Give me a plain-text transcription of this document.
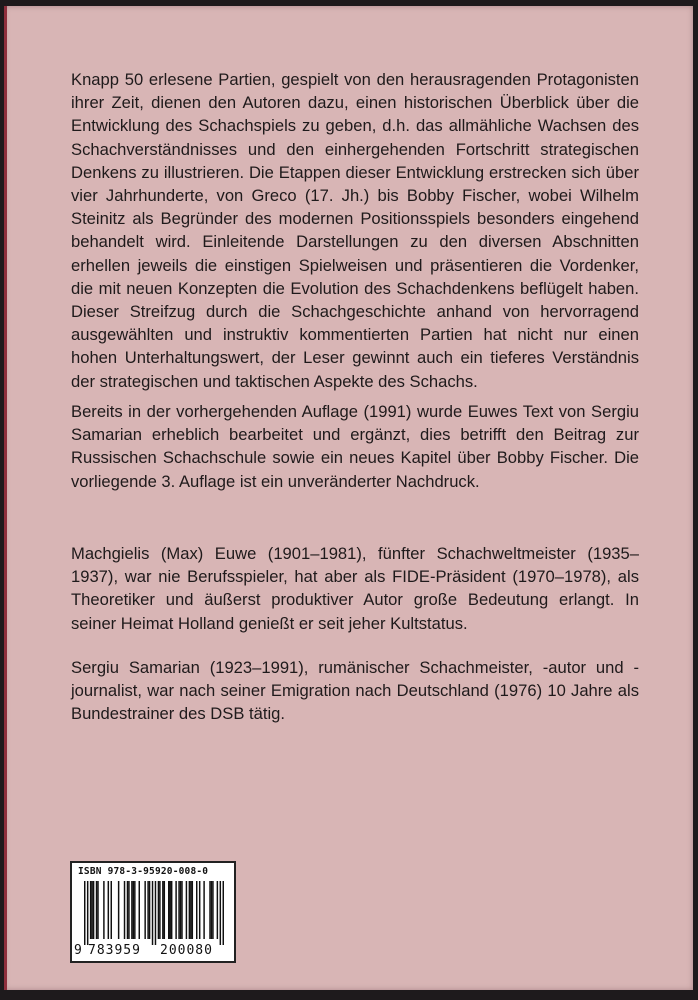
Knapp 50 erlesene Partien, gespielt von den herausragenden Protagonisten ihrer Zeit, dienen den Autoren dazu, einen historischen Überblick über die Entwicklung des Schachspiels zu geben, d.h. das allmähliche Wachsen des Schachverständnisses und den einhergehenden Fortschritt strategischen Denkens zu illustrieren. Die Etappen dieser Entwicklung erstrecken sich über vier Jahrhunderte, von Greco (17. Jh.) bis Bobby Fischer, wobei Wilhelm Steinitz als Begründer des modernen Positionsspiels besonders eingehend behandelt wird. Einleitende Darstellungen zu den diversen Abschnitten erhellen jeweils die einstigen Spielweisen und präsentieren die Vordenker, die mit neuen Konzepten die Evolution des Schachdenkens beflügelt haben. Dieser Streifzug durch die Schachgeschichte anhand von hervorragend ausgewählten und instruktiv kommentierten Partien hat nicht nur einen hohen Unterhaltungswert, der Leser gewinnt auch ein tieferes Verständnis der strategischen und taktischen Aspekte des Schachs.

Bereits in der vorhergehenden Auflage (1991) wurde Euwes Text von Sergiu Samarian erheblich bearbeitet und ergänzt, dies betrifft den Beitrag zur Russischen Schachschule sowie ein neues Kapitel über Bobby Fischer. Die vorliegende 3. Auflage ist ein unveränderter Nachdruck.

Machgielis (Max) Euwe (1901–1981), fünfter Schachweltmeister (1935–1937), war nie Berufsspieler, hat aber als FIDE-Präsident (1970–1978), als Theoretiker und äußerst produktiver Autor große Bedeutung erlangt. In seiner Heimat Holland genießt er seit jeher Kultstatus.

Sergiu Samarian (1923–1991), rumänischer Schachmeister, -autor und -journalist, war nach seiner Emigration nach Deutschland (1976) 10 Jahre als Bundestrainer des DSB tätig.

ISBN 978-3-95920-008-0
9 783959 200080
